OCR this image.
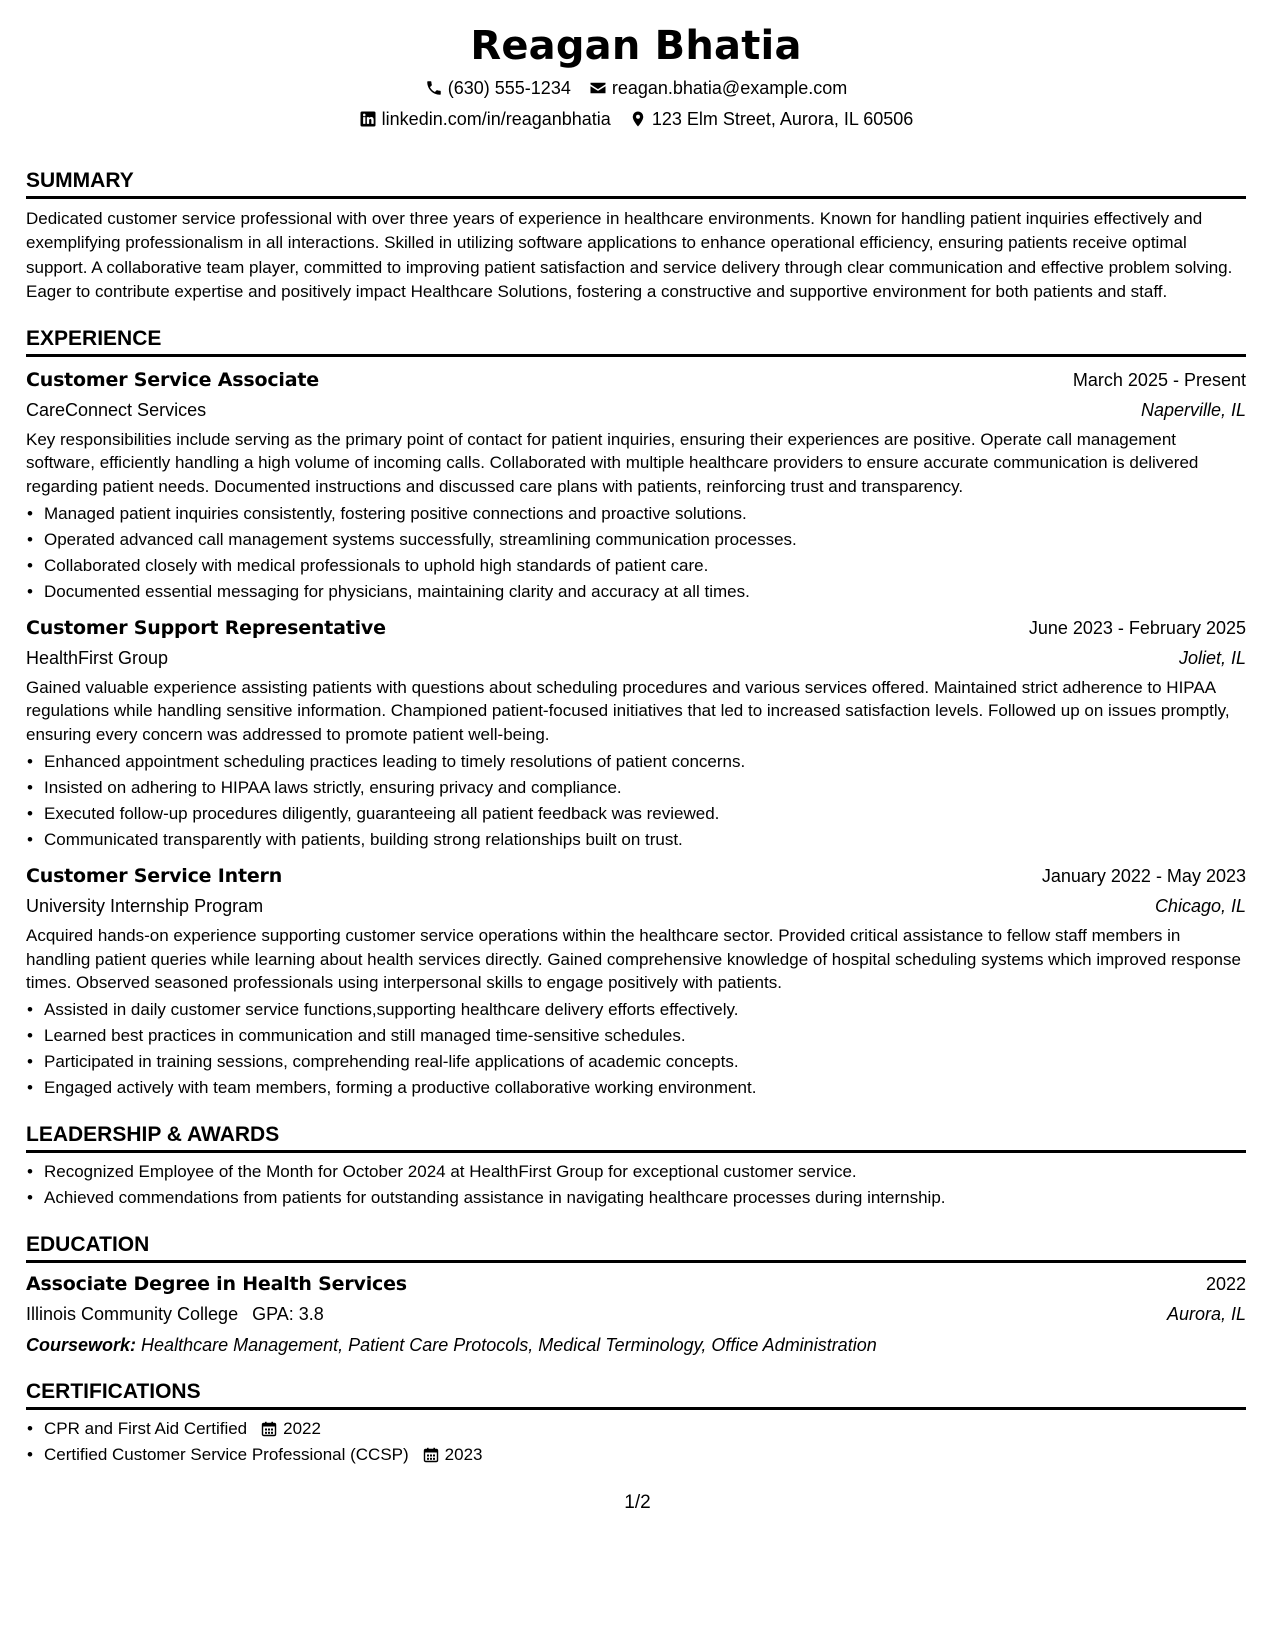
Reagan Bhatia
(630) 555-1234 reagan.bhatia@example.com
linkedin.com/in/reaganbhatia 123 Elm Street, Aurora, IL 60506
SUMMARY
Dedicated customer service professional with over three years of experience in healthcare environments. Known for handling patient inquiries effectively and exemplifying professionalism in all interactions. Skilled in utilizing software applications to enhance operational efficiency, ensuring patients receive optimal support. A collaborative team player, committed to improving patient satisfaction and service delivery through clear communication and effective problem solving. Eager to contribute expertise and positively impact Healthcare Solutions, fostering a constructive and supportive environment for both patients and staff.
EXPERIENCE
Customer Service Associate	March 2025 - Present
CareConnect Services	Naperville, IL
Key responsibilities include serving as the primary point of contact for patient inquiries, ensuring their experiences are positive. Operate call management software, efficiently handling a high volume of incoming calls. Collaborated with multiple healthcare providers to ensure accurate communication is delivered regarding patient needs. Documented instructions and discussed care plans with patients, reinforcing trust and transparency.
• Managed patient inquiries consistently, fostering positive connections and proactive solutions.
• Operated advanced call management systems successfully, streamlining communication processes.
• Collaborated closely with medical professionals to uphold high standards of patient care.
• Documented essential messaging for physicians, maintaining clarity and accuracy at all times.
Customer Support Representative	June 2023 - February 2025
HealthFirst Group	Joliet, IL
Gained valuable experience assisting patients with questions about scheduling procedures and various services offered. Maintained strict adherence to HIPAA regulations while handling sensitive information. Championed patient-focused initiatives that led to increased satisfaction levels. Followed up on issues promptly, ensuring every concern was addressed to promote patient well-being.
• Enhanced appointment scheduling practices leading to timely resolutions of patient concerns.
• Insisted on adhering to HIPAA laws strictly, ensuring privacy and compliance.
• Executed follow-up procedures diligently, guaranteeing all patient feedback was reviewed.
• Communicated transparently with patients, building strong relationships built on trust.
Customer Service Intern	January 2022 - May 2023
University Internship Program	Chicago, IL
Acquired hands-on experience supporting customer service operations within the healthcare sector. Provided critical assistance to fellow staff members in handling patient queries while learning about health services directly. Gained comprehensive knowledge of hospital scheduling systems which improved response times. Observed seasoned professionals using interpersonal skills to engage positively with patients.
• Assisted in daily customer service functions,supporting healthcare delivery efforts effectively.
• Learned best practices in communication and still managed time-sensitive schedules.
• Participated in training sessions, comprehending real-life applications of academic concepts.
• Engaged actively with team members, forming a productive collaborative working environment.
LEADERSHIP & AWARDS
• Recognized Employee of the Month for October 2024 at HealthFirst Group for exceptional customer service.
• Achieved commendations from patients for outstanding assistance in navigating healthcare processes during internship.
EDUCATION
Associate Degree in Health Services	2022
Illinois Community College GPA: 3.8	Aurora, IL
Coursework: Healthcare Management, Patient Care Protocols, Medical Terminology, Office Administration
CERTIFICATIONS
• CPR and First Aid Certified 2022
• Certified Customer Service Professional (CCSP) 2023
1/2
